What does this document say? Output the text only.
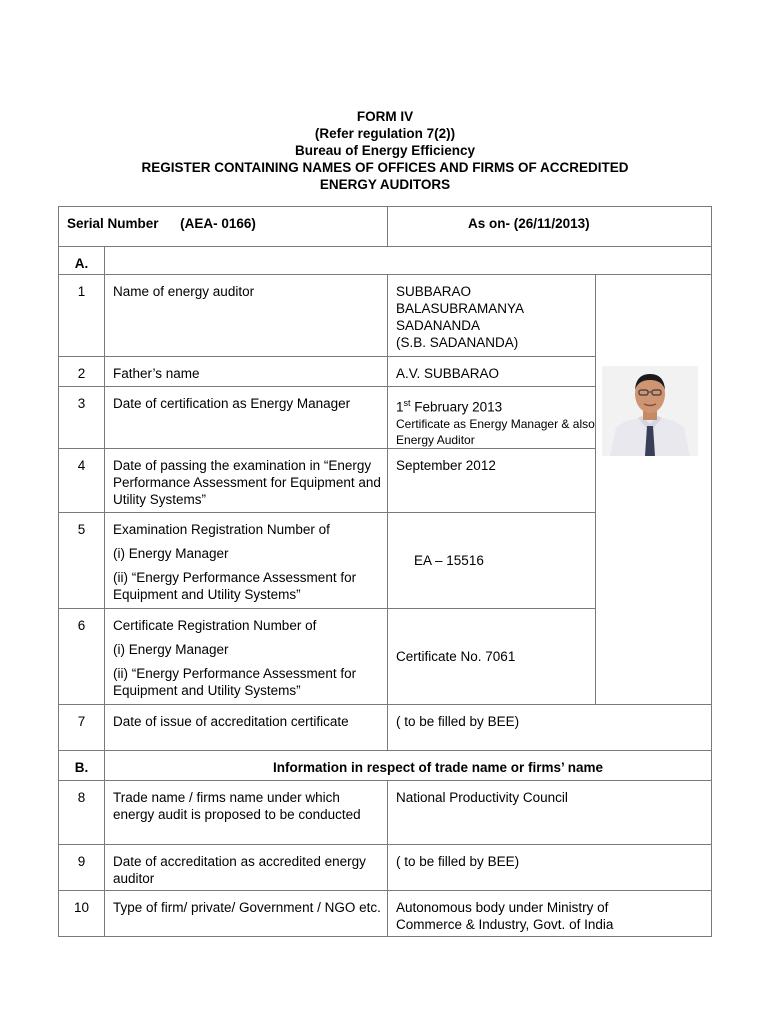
FORM IV
(Refer regulation 7(2))
Bureau of Energy Efficiency
REGISTER CONTAINING NAMES OF OFFICES AND FIRMS OF ACCREDITED
ENERGY AUDITORS
Serial Number (AEA- 0166)		As on- (26/11/2013)	
A.			
1	Name of energy auditor	SUBBARAO
BALASUBRAMANYA
SADANANDA
(S.B. SADANANDA)	

2	Father’s name	A.V. SUBBARAO	
3	Date of certification as Energy Manager	1st February 2013
Certificate as Energy Manager & also Energy Auditor	

4	Date of passing the examination in “Energy Performance Assessment for Equipment and Utility Systems”	September 2012	
5	Examination Registration Number of

(i) Energy Manager

(ii) “Energy Performance Assessment for Equipment and Utility Systems”	EA – 15516	
6	Certificate Registration Number of

(i) Energy Manager

(ii) “Energy Performance Assessment for Equipment and Utility Systems”	Certificate No. 7061	
7	Date of issue of accreditation certificate	( to be filled by BEE)	
B.	Information in respect of trade name or firms’ name		
8	Trade name / firms name under which energy audit is proposed to be conducted	National Productivity Council	
9	Date of accreditation as accredited energy auditor	( to be filled by BEE)	
10	Type of firm/ private/ Government / NGO etc.	Autonomous body under Ministry of Commerce & Industry, Govt. of India	
